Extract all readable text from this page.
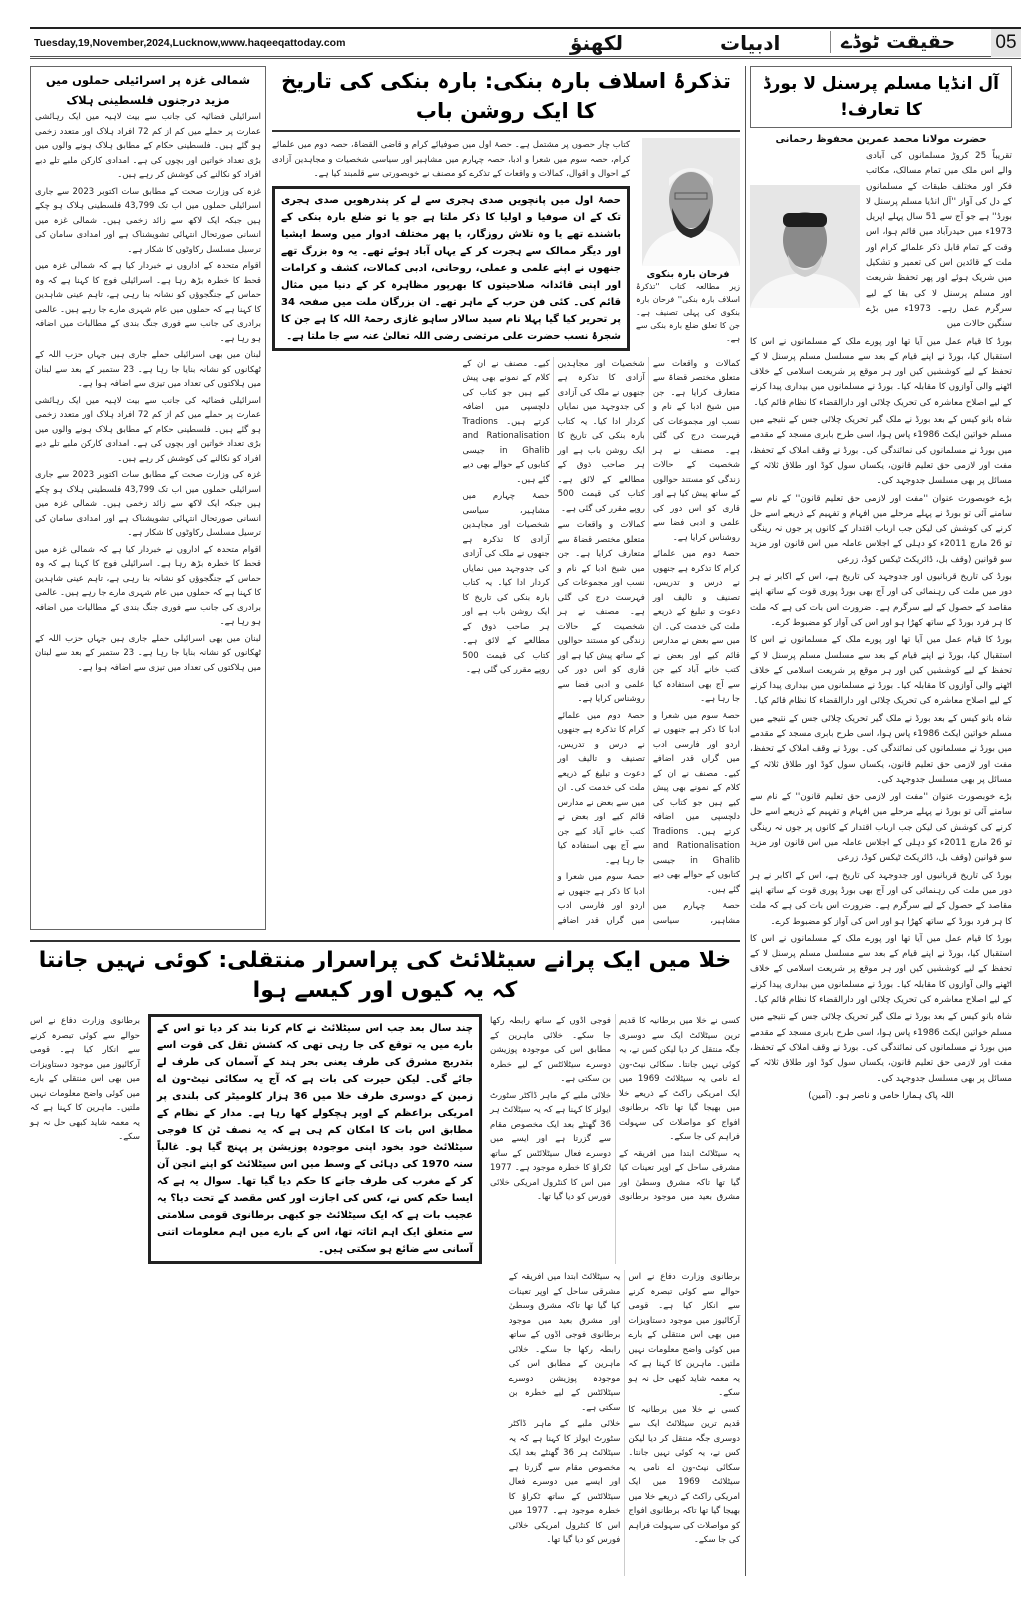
Tuesday,19,November,2024,Lucknow,www.haqeeqattoday.com	لکھنؤ	ادبیات	حقیقت ٹوڈے 05
آل انڈیا مسلم پرسنل لا بورڈ کا تعارف!
حضرت مولانا محمد عمرین محفوظ رحمانی

تقریباً 25 کروڑ مسلمانوں کی آبادی والے اس ملک میں تمام مسالک، مکاتب فکر اور مختلف طبقات کے مسلمانوں کے دل کی آواز ''آل انڈیا مسلم پرسنل لا بورڈ'' ہے جو آج سے 51 سال پہلے اپریل 1973ء میں حیدرآباد میں قائم ہوا، اس وقت کے تمام قابل ذکر علمائے کرام اور ملت کے قائدین اس کی تعمیر و تشکیل میں شریک ہوئے اور پھر تحفظ شریعت اور مسلم پرسنل لا کی بقا کے لیے سرگرم عمل رہے۔ 1973ء میں بڑے سنگین حالات میں

بورڈ کا قیام عمل میں آیا تھا اور پورے ملک کے مسلمانوں نے اس کا استقبال کیا، بورڈ نے اپنے قیام کے بعد سے مسلسل مسلم پرسنل لا کے تحفظ کے لیے کوششیں کیں اور ہر موقع پر شریعت اسلامی کے خلاف اٹھنے والی آوازوں کا مقابلہ کیا۔ بورڈ نے مسلمانوں میں بیداری پیدا کرنے کے لیے اصلاح معاشرہ کی تحریک چلائی اور دارالقضاء کا نظام قائم کیا۔

شاہ بانو کیس کے بعد بورڈ نے ملک گیر تحریک چلائی جس کے نتیجے میں مسلم خواتین ایکٹ 1986ء پاس ہوا، اسی طرح بابری مسجد کے مقدمے میں بورڈ نے مسلمانوں کی نمائندگی کی۔ بورڈ نے وقف املاک کے تحفظ، مفت اور لازمی حق تعلیم قانون، یکساں سول کوڈ اور طلاق ثلاثہ کے مسائل پر بھی مسلسل جدوجہد کی۔

بڑے خوبصورت عنوان ''مفت اور لازمی حق تعلیم قانون'' کے نام سے سامنے آئی تو بورڈ نے پہلے مرحلے میں افہام و تفہیم کے ذریعے اسے حل کرنے کی کوشش کی لیکن جب ارباب اقتدار کے کانوں پر جوں نہ رینگی تو 26 مارچ 2011ء کو دہلی کے اجلاس عاملہ میں اس قانون اور مزید سو قوانین (وقف بل، ڈائریکٹ ٹیکس کوڈ، زرعی

بورڈ کی تاریخ قربانیوں اور جدوجہد کی تاریخ ہے، اس کے اکابر نے ہر دور میں ملت کی رہنمائی کی اور آج بھی بورڈ پوری قوت کے ساتھ اپنے مقاصد کے حصول کے لیے سرگرم ہے۔ ضرورت اس بات کی ہے کہ ملت کا ہر فرد بورڈ کے ساتھ کھڑا ہو اور اس کی آواز کو مضبوط کرے۔

بورڈ کا قیام عمل میں آیا تھا اور پورے ملک کے مسلمانوں نے اس کا استقبال کیا، بورڈ نے اپنے قیام کے بعد سے مسلسل مسلم پرسنل لا کے تحفظ کے لیے کوششیں کیں اور ہر موقع پر شریعت اسلامی کے خلاف اٹھنے والی آوازوں کا مقابلہ کیا۔ بورڈ نے مسلمانوں میں بیداری پیدا کرنے کے لیے اصلاح معاشرہ کی تحریک چلائی اور دارالقضاء کا نظام قائم کیا۔

شاہ بانو کیس کے بعد بورڈ نے ملک گیر تحریک چلائی جس کے نتیجے میں مسلم خواتین ایکٹ 1986ء پاس ہوا، اسی طرح بابری مسجد کے مقدمے میں بورڈ نے مسلمانوں کی نمائندگی کی۔ بورڈ نے وقف املاک کے تحفظ، مفت اور لازمی حق تعلیم قانون، یکساں سول کوڈ اور طلاق ثلاثہ کے مسائل پر بھی مسلسل جدوجہد کی۔

بڑے خوبصورت عنوان ''مفت اور لازمی حق تعلیم قانون'' کے نام سے سامنے آئی تو بورڈ نے پہلے مرحلے میں افہام و تفہیم کے ذریعے اسے حل کرنے کی کوشش کی لیکن جب ارباب اقتدار کے کانوں پر جوں نہ رینگی تو 26 مارچ 2011ء کو دہلی کے اجلاس عاملہ میں اس قانون اور مزید سو قوانین (وقف بل، ڈائریکٹ ٹیکس کوڈ، زرعی

بورڈ کی تاریخ قربانیوں اور جدوجہد کی تاریخ ہے، اس کے اکابر نے ہر دور میں ملت کی رہنمائی کی اور آج بھی بورڈ پوری قوت کے ساتھ اپنے مقاصد کے حصول کے لیے سرگرم ہے۔ ضرورت اس بات کی ہے کہ ملت کا ہر فرد بورڈ کے ساتھ کھڑا ہو اور اس کی آواز کو مضبوط کرے۔

بورڈ کا قیام عمل میں آیا تھا اور پورے ملک کے مسلمانوں نے اس کا استقبال کیا، بورڈ نے اپنے قیام کے بعد سے مسلسل مسلم پرسنل لا کے تحفظ کے لیے کوششیں کیں اور ہر موقع پر شریعت اسلامی کے خلاف اٹھنے والی آوازوں کا مقابلہ کیا۔ بورڈ نے مسلمانوں میں بیداری پیدا کرنے کے لیے اصلاح معاشرہ کی تحریک چلائی اور دارالقضاء کا نظام قائم کیا۔

شاہ بانو کیس کے بعد بورڈ نے ملک گیر تحریک چلائی جس کے نتیجے میں مسلم خواتین ایکٹ 1986ء پاس ہوا، اسی طرح بابری مسجد کے مقدمے میں بورڈ نے مسلمانوں کی نمائندگی کی۔ بورڈ نے وقف املاک کے تحفظ، مفت اور لازمی حق تعلیم قانون، یکساں سول کوڈ اور طلاق ثلاثہ کے مسائل پر بھی مسلسل جدوجہد کی۔

اللہ پاک ہمارا حامی و ناصر ہو۔ (آمین)
شمالی غزہ پر اسرائیلی حملوں میں مزید درجنوں فلسطینی ہلاک

اسرائیلی فضائیہ کی جانب سے بیت لاہیہ میں ایک رہائشی عمارت پر حملے میں کم از کم 72 افراد ہلاک اور متعدد زخمی ہو گئے ہیں۔ فلسطینی حکام کے مطابق ہلاک ہونے والوں میں بڑی تعداد خواتین اور بچوں کی ہے۔ امدادی کارکن ملبے تلے دبے افراد کو نکالنے کی کوشش کر رہے ہیں۔

غزہ کی وزارت صحت کے مطابق سات اکتوبر 2023 سے جاری اسرائیلی حملوں میں اب تک 43,799 فلسطینی ہلاک ہو چکے ہیں جبکہ ایک لاکھ سے زائد زخمی ہیں۔ شمالی غزہ میں انسانی صورتحال انتہائی تشویشناک ہے اور امدادی سامان کی ترسیل مسلسل رکاوٹوں کا شکار ہے۔

اقوام متحدہ کے اداروں نے خبردار کیا ہے کہ شمالی غزہ میں قحط کا خطرہ بڑھ رہا ہے۔ اسرائیلی فوج کا کہنا ہے کہ وہ حماس کے جنگجوؤں کو نشانہ بنا رہی ہے، تاہم عینی شاہدین کا کہنا ہے کہ حملوں میں عام شہری مارے جا رہے ہیں۔ عالمی برادری کی جانب سے فوری جنگ بندی کے مطالبات میں اضافہ ہو رہا ہے۔

لبنان میں بھی اسرائیلی حملے جاری ہیں جہاں حزب اللہ کے ٹھکانوں کو نشانہ بنایا جا رہا ہے۔ 23 ستمبر کے بعد سے لبنان میں ہلاکتوں کی تعداد میں تیزی سے اضافہ ہوا ہے۔

اسرائیلی فضائیہ کی جانب سے بیت لاہیہ میں ایک رہائشی عمارت پر حملے میں کم از کم 72 افراد ہلاک اور متعدد زخمی ہو گئے ہیں۔ فلسطینی حکام کے مطابق ہلاک ہونے والوں میں بڑی تعداد خواتین اور بچوں کی ہے۔ امدادی کارکن ملبے تلے دبے افراد کو نکالنے کی کوشش کر رہے ہیں۔

غزہ کی وزارت صحت کے مطابق سات اکتوبر 2023 سے جاری اسرائیلی حملوں میں اب تک 43,799 فلسطینی ہلاک ہو چکے ہیں جبکہ ایک لاکھ سے زائد زخمی ہیں۔ شمالی غزہ میں انسانی صورتحال انتہائی تشویشناک ہے اور امدادی سامان کی ترسیل مسلسل رکاوٹوں کا شکار ہے۔

اقوام متحدہ کے اداروں نے خبردار کیا ہے کہ شمالی غزہ میں قحط کا خطرہ بڑھ رہا ہے۔ اسرائیلی فوج کا کہنا ہے کہ وہ حماس کے جنگجوؤں کو نشانہ بنا رہی ہے، تاہم عینی شاہدین کا کہنا ہے کہ حملوں میں عام شہری مارے جا رہے ہیں۔ عالمی برادری کی جانب سے فوری جنگ بندی کے مطالبات میں اضافہ ہو رہا ہے۔

لبنان میں بھی اسرائیلی حملے جاری ہیں جہاں حزب اللہ کے ٹھکانوں کو نشانہ بنایا جا رہا ہے۔ 23 ستمبر کے بعد سے لبنان میں ہلاکتوں کی تعداد میں تیزی سے اضافہ ہوا ہے۔

تذکرۂ اسلاف بارہ بنکی: بارہ بنکی کی تاریخ کا ایک روشن باب

کتاب چار حصوں پر مشتمل ہے۔ حصۂ اول میں صوفیائے کرام و قاضی القضاۃ، حصہ دوم میں علمائے کرام، حصہ سوم میں شعرا و ادبا، حصہ چہارم میں مشاہیر اور سیاسی شخصیات و مجاہدین آزادی کے احوال و اقوال، کمالات و واقعات کے تذکرے کو مصنف نے خوبصورتی سے قلمبند کیا ہے۔

حصۂ اول میں پانچویں صدی ہجری سے لے کر پندرھویں صدی ہجری تک کے ان صوفیا و اولیا کا ذکر ملتا ہے جو یا تو ضلع بارہ بنکی کے باشندے تھے یا وہ تلاش روزگار، یا پھر مختلف ادوار میں وسط ایشیا اور دیگر ممالک سے ہجرت کر کے یہاں آباد ہوئے تھے۔ یہ وہ بزرگ تھے جنھوں نے اپنے علمی و عملی، روحانی، ادبی کمالات، کشف و کرامات اور اپنی قائدانہ صلاحیتوں کا بھرپور مظاہرہ کر کے دنیا میں مثال قائم کی۔ کئی فن حرب کے ماہر تھے۔ ان بزرگان ملت میں صفحہ 34 پر تحریر کیا گیا پہلا نام سید سالار ساہو غازی رحمۃ اللہ کا ہے جن کا شجرۂ نسب حضرت علی مرتضی رضی اللہ تعالیٰ عنہ سے جا ملتا ہے۔
فرحان بارہ بنکوی
زیر مطالعہ کتاب ''تذکرۂ اسلاف بارہ بنکی'' فرحان بارہ بنکوی کی پہلی تصنیف ہے۔ جن کا تعلق ضلع بارہ بنکی سے ہے۔

کمالات و واقعات سے متعلق مختصر قضاۃ سے متعارف کرایا ہے۔ جن میں شیخ ادبا کے نام و نسب اور مجموعات کی فہرست درج کی گئی ہے۔ مصنف نے ہر شخصیت کے حالات زندگی کو مستند حوالوں کے ساتھ پیش کیا ہے اور قاری کو اس دور کی علمی و ادبی فضا سے روشناس کرایا ہے۔

حصۂ دوم میں علمائے کرام کا تذکرہ ہے جنھوں نے درس و تدریس، تصنیف و تالیف اور دعوت و تبلیغ کے ذریعے ملت کی خدمت کی۔ ان میں سے بعض نے مدارس قائم کیے اور بعض نے کتب خانے آباد کیے جن سے آج بھی استفادہ کیا جا رہا ہے۔

حصۂ سوم میں شعرا و ادبا کا ذکر ہے جنھوں نے اردو اور فارسی ادب میں گراں قدر اضافے کیے۔ مصنف نے ان کے کلام کے نمونے بھی پیش کیے ہیں جو کتاب کی دلچسپی میں اضافہ کرتے ہیں۔ Tradions and Rationalisation in Ghalib جیسی کتابوں کے حوالے بھی دیے گئے ہیں۔

حصۂ چہارم میں مشاہیر، سیاسی شخصیات اور مجاہدین آزادی کا تذکرہ ہے جنھوں نے ملک کی آزادی کی جدوجہد میں نمایاں کردار ادا کیا۔ یہ کتاب بارہ بنکی کی تاریخ کا ایک روشن باب ہے اور ہر صاحب ذوق کے مطالعے کے لائق ہے۔ کتاب کی قیمت 500 روپے مقرر کی گئی ہے۔

کمالات و واقعات سے متعلق مختصر قضاۃ سے متعارف کرایا ہے۔ جن میں شیخ ادبا کے نام و نسب اور مجموعات کی فہرست درج کی گئی ہے۔ مصنف نے ہر شخصیت کے حالات زندگی کو مستند حوالوں کے ساتھ پیش کیا ہے اور قاری کو اس دور کی علمی و ادبی فضا سے روشناس کرایا ہے۔

حصۂ دوم میں علمائے کرام کا تذکرہ ہے جنھوں نے درس و تدریس، تصنیف و تالیف اور دعوت و تبلیغ کے ذریعے ملت کی خدمت کی۔ ان میں سے بعض نے مدارس قائم کیے اور بعض نے کتب خانے آباد کیے جن سے آج بھی استفادہ کیا جا رہا ہے۔

حصۂ سوم میں شعرا و ادبا کا ذکر ہے جنھوں نے اردو اور فارسی ادب میں گراں قدر اضافے کیے۔ مصنف نے ان کے کلام کے نمونے بھی پیش کیے ہیں جو کتاب کی دلچسپی میں اضافہ کرتے ہیں۔ Tradions and Rationalisation in Ghalib جیسی کتابوں کے حوالے بھی دیے گئے ہیں۔

حصۂ چہارم میں مشاہیر، سیاسی شخصیات اور مجاہدین آزادی کا تذکرہ ہے جنھوں نے ملک کی آزادی کی جدوجہد میں نمایاں کردار ادا کیا۔ یہ کتاب بارہ بنکی کی تاریخ کا ایک روشن باب ہے اور ہر صاحب ذوق کے مطالعے کے لائق ہے۔ کتاب کی قیمت 500 روپے مقرر کی گئی ہے۔

خلا میں ایک پرانے سیٹلائٹ کی پراسرار منتقلی: کوئی نہیں جانتا کہ یہ کیوں اور کیسے ہوا

برطانوی وزارت دفاع نے اس حوالے سے کوئی تبصرہ کرنے سے انکار کیا ہے۔ قومی آرکائیوز میں موجود دستاویزات میں بھی اس منتقلی کے بارے میں کوئی واضح معلومات نہیں ملتیں۔ ماہرین کا کہنا ہے کہ یہ معمہ شاید کبھی حل نہ ہو سکے۔

چند سال بعد جب اس سیٹلائٹ نے کام کرنا بند کر دیا تو اس کے بارے میں یہ توقع کی جا رہی تھی کہ کشش ثقل کی قوت اسے بتدریج مشرق کی طرف یعنی بحر ہند کے آسمان کی طرف لے جائے گی۔ لیکن حیرت کی بات ہے کہ آج یہ سکائی نیٹ-ون اے زمین کے دوسری طرف خلا میں 36 ہزار کلومیٹر کی بلندی پر امریکی براعظم کے اوپر ہچکولے کھا رہا ہے۔ مدار کے نظام کے مطابق اس بات کا امکان کم ہی ہے کہ یہ نصف ٹن کا فوجی سیٹلائٹ خود بخود اپنی موجودہ پوزیشن پر پہنچ گیا ہو۔ غالباً سنہ 1970 کی دہائی کے وسط میں اس سیٹلائٹ کو اپنے انجن آن کر کے مغرب کی طرف جانے کا حکم دیا گیا تھا۔ سوال یہ ہے کہ ایسا حکم کس نے، کس کی اجازت اور کس مقصد کے تحت دیا؟ یہ عجیب بات ہے کہ ایک سیٹلائٹ جو کبھی برطانوی قومی سلامتی سے متعلق ایک اہم اثاثہ تھا، اس کے بارے میں اہم معلومات اتنی آسانی سے ضائع ہو سکتی ہیں۔

کسی نے خلا میں برطانیہ کا قدیم ترین سیٹلائٹ ایک سے دوسری جگہ منتقل کر دیا لیکن کس نے، یہ کوئی نہیں جانتا۔ سکائی نیٹ-ون اے نامی یہ سیٹلائٹ 1969 میں ایک امریکی راکٹ کے ذریعے خلا میں بھیجا گیا تھا تاکہ برطانوی افواج کو مواصلات کی سہولت فراہم کی جا سکے۔

یہ سیٹلائٹ ابتدا میں افریقہ کے مشرقی ساحل کے اوپر تعینات کیا گیا تھا تاکہ مشرق وسطیٰ اور مشرق بعید میں موجود برطانوی فوجی اڈوں کے ساتھ رابطہ رکھا جا سکے۔ خلائی ماہرین کے مطابق اس کی موجودہ پوزیشن دوسرے سیٹلائٹس کے لیے خطرہ بن سکتی ہے۔

خلائی ملبے کے ماہر ڈاکٹر سٹورٹ ایولز کا کہنا ہے کہ یہ سیٹلائٹ ہر 36 گھنٹے بعد ایک مخصوص مقام سے گزرتا ہے اور ایسے میں دوسرے فعال سیٹلائٹس کے ساتھ ٹکراؤ کا خطرہ موجود ہے۔ 1977 میں اس کا کنٹرول امریکی خلائی فورس کو دیا گیا تھا۔

برطانوی وزارت دفاع نے اس حوالے سے کوئی تبصرہ کرنے سے انکار کیا ہے۔ قومی آرکائیوز میں موجود دستاویزات میں بھی اس منتقلی کے بارے میں کوئی واضح معلومات نہیں ملتیں۔ ماہرین کا کہنا ہے کہ یہ معمہ شاید کبھی حل نہ ہو سکے۔

کسی نے خلا میں برطانیہ کا قدیم ترین سیٹلائٹ ایک سے دوسری جگہ منتقل کر دیا لیکن کس نے، یہ کوئی نہیں جانتا۔ سکائی نیٹ-ون اے نامی یہ سیٹلائٹ 1969 میں ایک امریکی راکٹ کے ذریعے خلا میں بھیجا گیا تھا تاکہ برطانوی افواج کو مواصلات کی سہولت فراہم کی جا سکے۔

یہ سیٹلائٹ ابتدا میں افریقہ کے مشرقی ساحل کے اوپر تعینات کیا گیا تھا تاکہ مشرق وسطیٰ اور مشرق بعید میں موجود برطانوی فوجی اڈوں کے ساتھ رابطہ رکھا جا سکے۔ خلائی ماہرین کے مطابق اس کی موجودہ پوزیشن دوسرے سیٹلائٹس کے لیے خطرہ بن سکتی ہے۔

خلائی ملبے کے ماہر ڈاکٹر سٹورٹ ایولز کا کہنا ہے کہ یہ سیٹلائٹ ہر 36 گھنٹے بعد ایک مخصوص مقام سے گزرتا ہے اور ایسے میں دوسرے فعال سیٹلائٹس کے ساتھ ٹکراؤ کا خطرہ موجود ہے۔ 1977 میں اس کا کنٹرول امریکی خلائی فورس کو دیا گیا تھا۔
